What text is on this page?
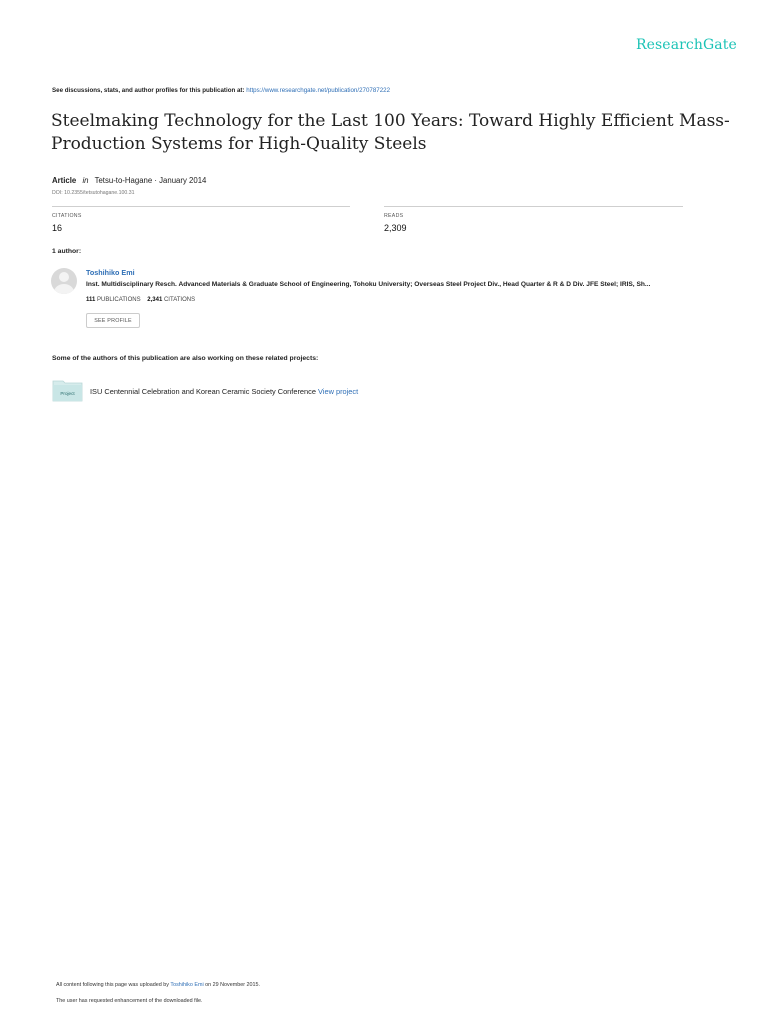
ResearchGate
See discussions, stats, and author profiles for this publication at: https://www.researchgate.net/publication/270787222
Steelmaking Technology for the Last 100 Years: Toward Highly Efficient Mass-Production Systems for High-Quality Steels
Article in Tetsu-to-Hagane · January 2014
DOI: 10.2355/tetsutohagane.100.31
CITATIONS
16
READS
2,309
1 author:
Toshihiko Emi
Inst. Multidisciplinary Resch. Advanced Materials & Graduate School of Engineering, Tohoku University; Overseas Steel Project Div., Head Quarter & R & D Div. JFE Steel; IRIS, Sh...
111 PUBLICATIONS 2,341 CITATIONS
SEE PROFILE
Some of the authors of this publication are also working on these related projects:
Project ISU Centennial Celebration and Korean Ceramic Society Conference View project
All content following this page was uploaded by Toshihiko Emi on 29 November 2015.
The user has requested enhancement of the downloaded file.
